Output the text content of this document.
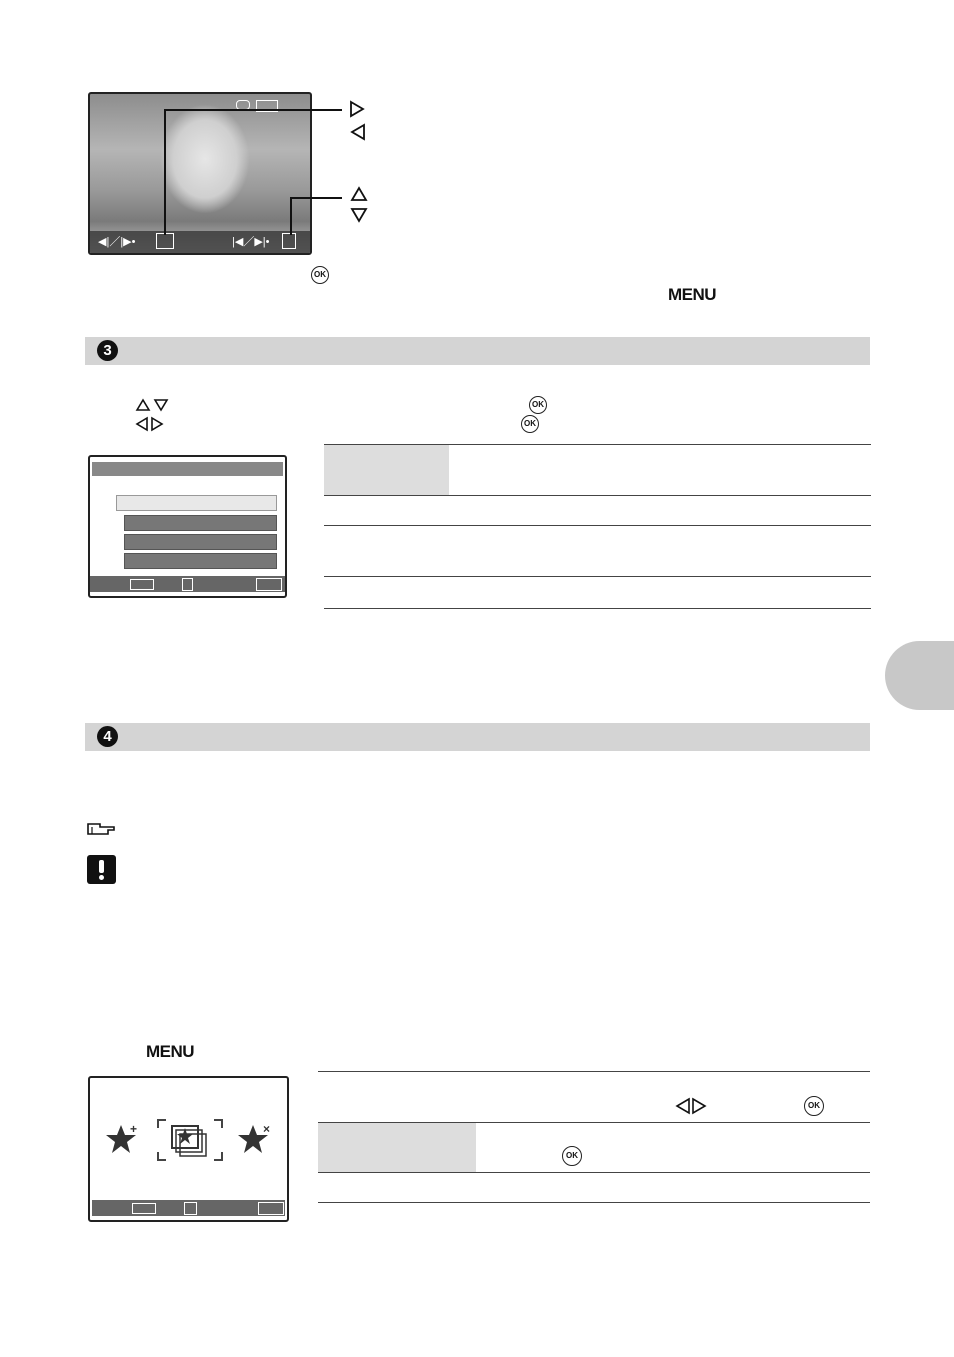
◀|／|▶•	|◀／▶|•
OK
MENU
3
OK
OK
4
MENU
+	×
OK
OK
